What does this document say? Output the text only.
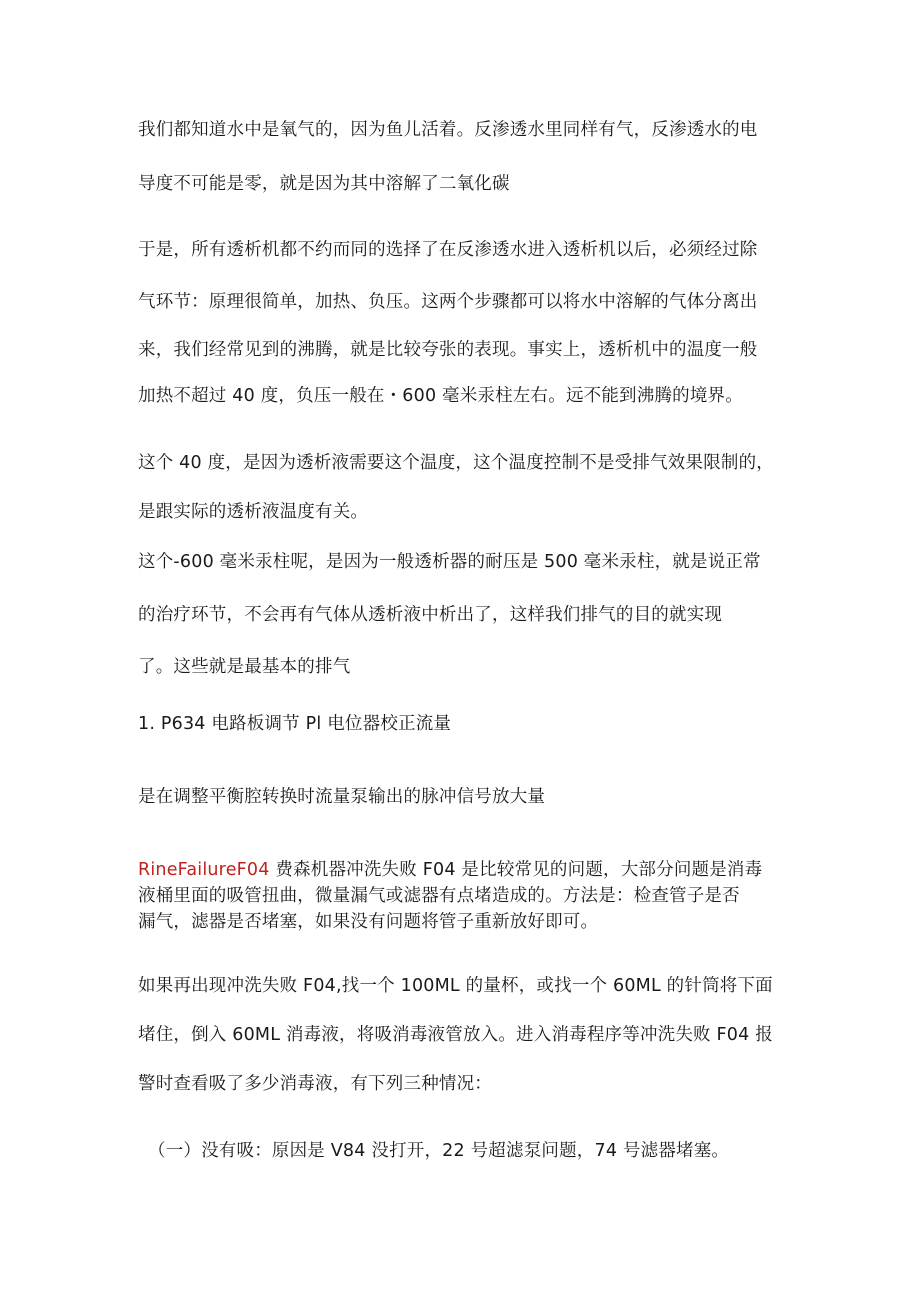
我们都知道水中是氧气的，因为鱼儿活着。反渗透水里同样有气，反渗透水的电
导度不可能是零，就是因为其中溶解了二氧化碳
于是，所有透析机都不约而同的选择了在反渗透水进入透析机以后，必须经过除
气环节：原理很简单，加热、负压。这两个步骤都可以将水中溶解的气体分离出
来，我们经常见到的沸腾，就是比较夸张的表现。事实上，透析机中的温度一般
加热不超过 40 度，负压一般在・600 毫米汞柱左右。远不能到沸腾的境界。
这个 40 度，是因为透析液需要这个温度，这个温度控制不是受排气效果限制的，
是跟实际的透析液温度有关。
这个-600 毫米汞柱呢，是因为一般透析器的耐压是 500 毫米汞柱，就是说正常
的治疗环节，不会再有气体从透析液中析出了，这样我们排气的目的就实现
了。这些就是最基本的排气
1. P634 电路板调节 Pl 电位器校正流量
是在调整平衡腔转换时流量泵输出的脉冲信号放大量
RineFailureF04 费森机器冲洗失败 F04 是比较常见的问题，大部分问题是消毒
液桶里面的吸管扭曲，微量漏气或滤器有点堵造成的。方法是：检查管子是否
漏气，滤器是否堵塞，如果没有问题将管子重新放好即可。
如果再出现冲洗失败 F04,找一个 100ML 的量杯，或找一个 60ML 的针筒将下面
堵住，倒入 60ML 消毒液，将吸消毒液管放入。进入消毒程序等冲洗失败 F04 报
警时查看吸了多少消毒液，有下列三种情况：
（一）没有吸：原因是 V84 没打开，22 号超滤泵问题，74 号滤器堵塞。
